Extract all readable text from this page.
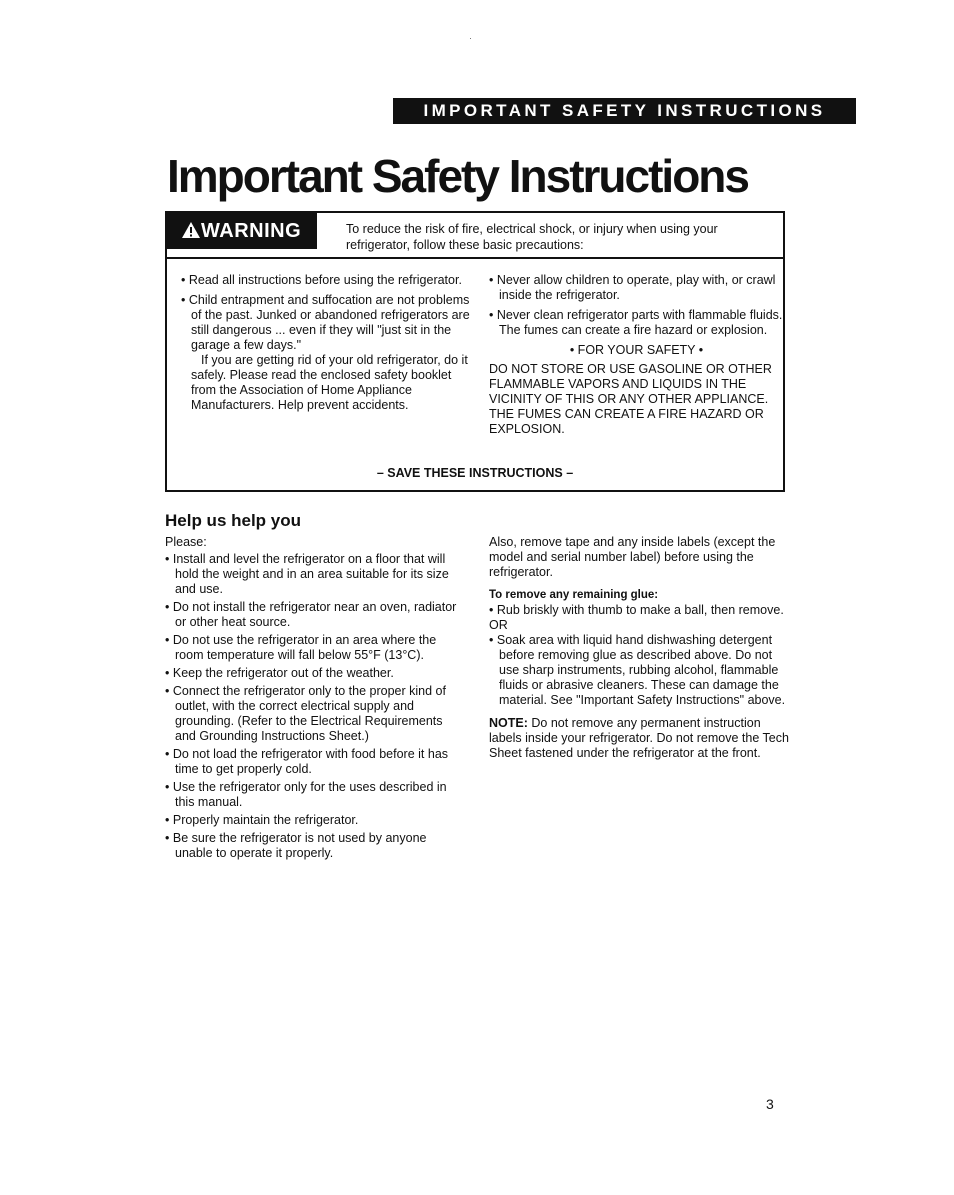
IMPORTANT SAFETY INSTRUCTIONS
Important Safety Instructions
WARNING	To reduce the risk of fire, electrical shock, or injury when using your refrigerator, follow these basic precautions:

• Read all instructions before using the refrigerator.

• Child entrapment and suffocation are not problems of the past. Junked or abandoned refrigerators are still dangerous ... even if they will "just sit in the garage a few days."

If you are getting rid of your old refrigerator, do it safely. Please read the enclosed safety booklet from the Association of Home Appliance Manufacturers. Help prevent accidents.

• Never allow children to operate, play with, or crawl inside the refrigerator.

• Never clean refrigerator parts with flammable fluids. The fumes can create a fire hazard or explosion.

• FOR YOUR SAFETY •

DO NOT STORE OR USE GASOLINE OR OTHER FLAMMABLE VAPORS AND LIQUIDS IN THE VICINITY OF THIS OR ANY OTHER APPLIANCE. THE FUMES CAN CREATE A FIRE HAZARD OR EXPLOSION.

– SAVE THESE INSTRUCTIONS –
Help us help you
Please:

• Install and level the refrigerator on a floor that will hold the weight and in an area suitable for its size and use.

• Do not install the refrigerator near an oven, radiator or other heat source.

• Do not use the refrigerator in an area where the room temperature will fall below 55°F (13°C).

• Keep the refrigerator out of the weather.

• Connect the refrigerator only to the proper kind of outlet, with the correct electrical supply and grounding. (Refer to the Electrical Requirements and Grounding Instructions Sheet.)

• Do not load the refrigerator with food before it has time to get properly cold.

• Use the refrigerator only for the uses described in this manual.

• Properly maintain the refrigerator.

• Be sure the refrigerator is not used by anyone unable to operate it properly.

Also, remove tape and any inside labels (except the model and serial number label) before using the refrigerator.

To remove any remaining glue:

• Rub briskly with thumb to make a ball, then remove.

OR

• Soak area with liquid hand dishwashing detergent before removing glue as described above. Do not use sharp instruments, rubbing alcohol, flammable fluids or abrasive cleaners. These can damage the material. See "Important Safety Instructions" above.

NOTE: Do not remove any permanent instruction labels inside your refrigerator. Do not remove the Tech Sheet fastened under the refrigerator at the front.

3
